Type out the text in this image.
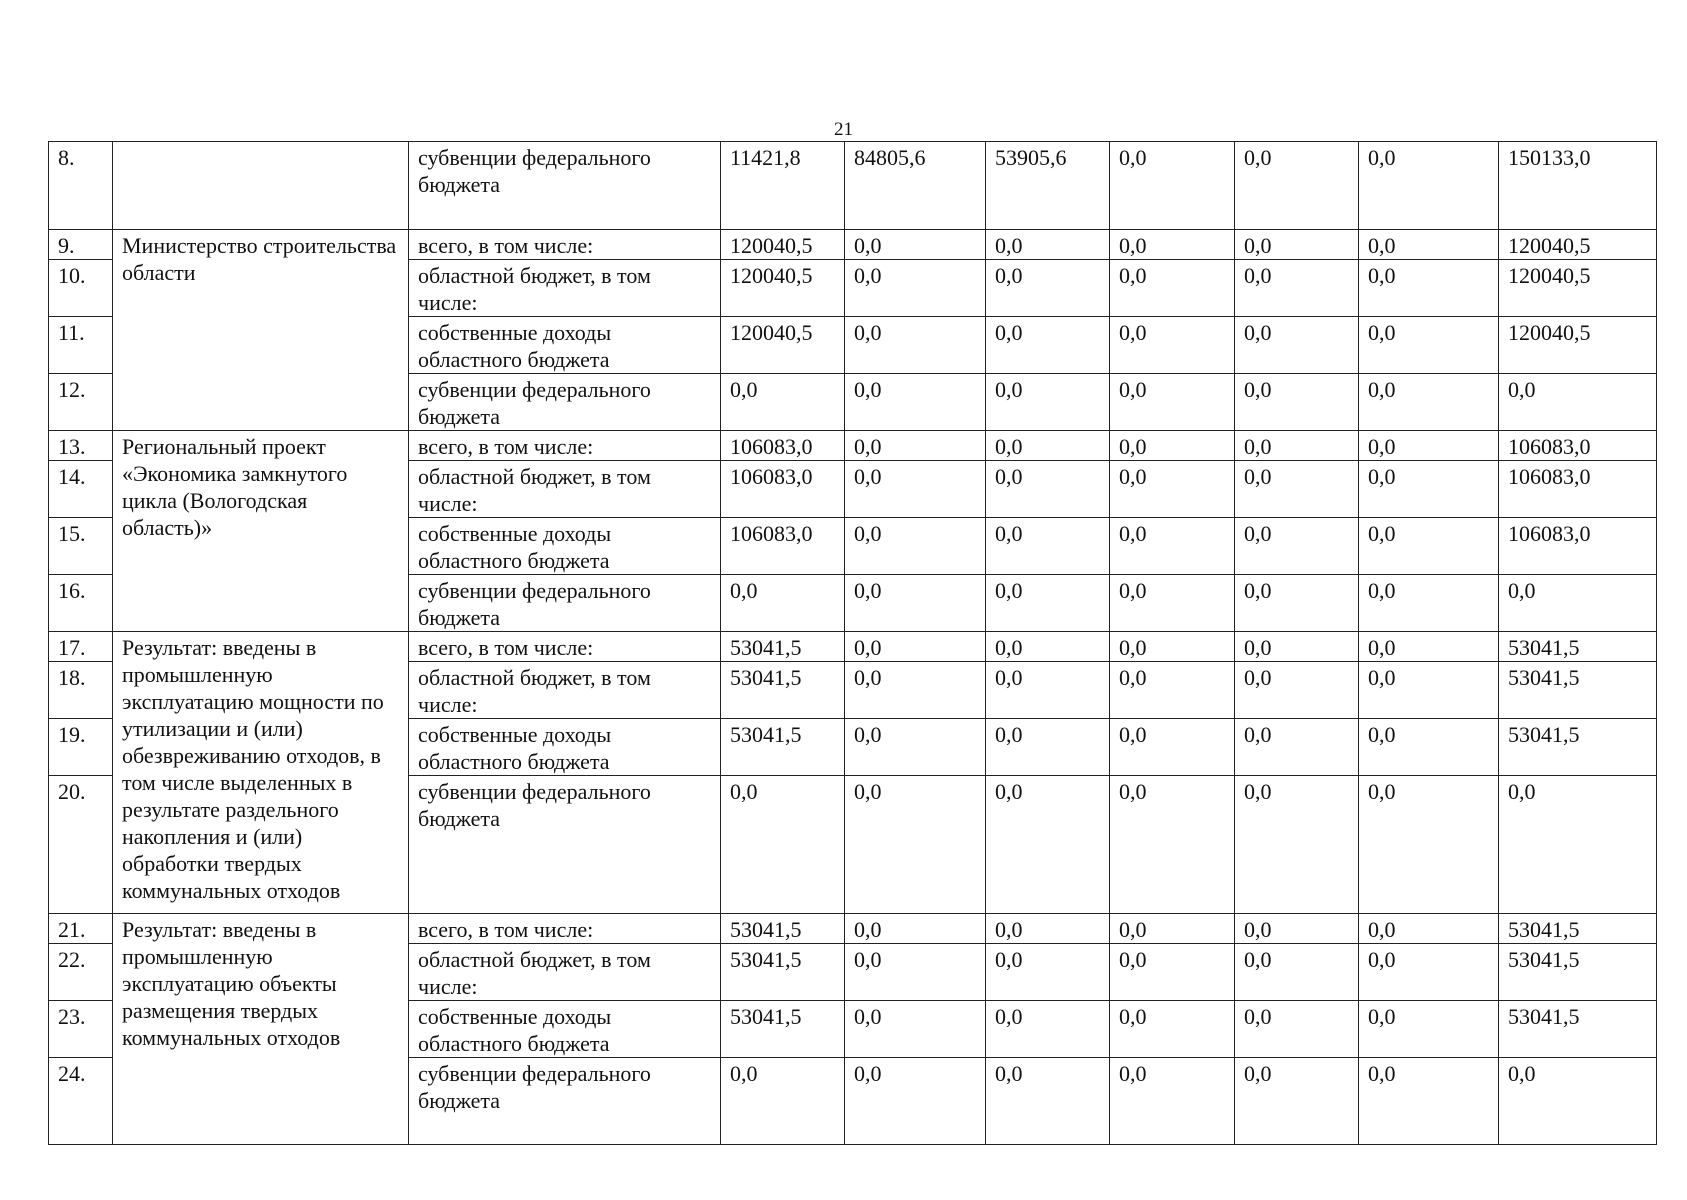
21
8.		субвенции федерального бюджета	11421,8	84805,6	53905,6	0,0	0,0	0,0	150133,0
9.	Министерство строительства области	всего, в том числе:	120040,5	0,0	0,0	0,0	0,0	0,0	120040,5
10.		областной бюджет, в том числе:	120040,5	0,0	0,0	0,0	0,0	0,0	120040,5
11.		собственные доходы областного бюджета	120040,5	0,0	0,0	0,0	0,0	0,0	120040,5
12.		субвенции федерального бюджета	0,0	0,0	0,0	0,0	0,0	0,0	0,0
13.	Региональный проект «Экономика замкнутого цикла (Вологодская область)»	всего, в том числе:	106083,0	0,0	0,0	0,0	0,0	0,0	106083,0
14.		областной бюджет, в том числе:	106083,0	0,0	0,0	0,0	0,0	0,0	106083,0
15.		собственные доходы областного бюджета	106083,0	0,0	0,0	0,0	0,0	0,0	106083,0
16.		субвенции федерального бюджета	0,0	0,0	0,0	0,0	0,0	0,0	0,0
17.	Результат: введены в промышленную эксплуатацию мощности по утилизации и (или) обезвреживанию отходов, в том числе выделенных в результате раздельного накопления и (или) обработки твердых коммунальных отходов	всего, в том числе:	53041,5	0,0	0,0	0,0	0,0	0,0	53041,5
18.		областной бюджет, в том числе:	53041,5	0,0	0,0	0,0	0,0	0,0	53041,5
19.		собственные доходы областного бюджета	53041,5	0,0	0,0	0,0	0,0	0,0	53041,5
20.		субвенции федерального бюджета	0,0	0,0	0,0	0,0	0,0	0,0	0,0
21.	Результат: введены в промышленную эксплуатацию объекты размещения твердых коммунальных отходов	всего, в том числе:	53041,5	0,0	0,0	0,0	0,0	0,0	53041,5
22.		областной бюджет, в том числе:	53041,5	0,0	0,0	0,0	0,0	0,0	53041,5
23.		собственные доходы областного бюджета	53041,5	0,0	0,0	0,0	0,0	0,0	53041,5
24.		субвенции федерального бюджета	0,0	0,0	0,0	0,0	0,0	0,0	0,0
